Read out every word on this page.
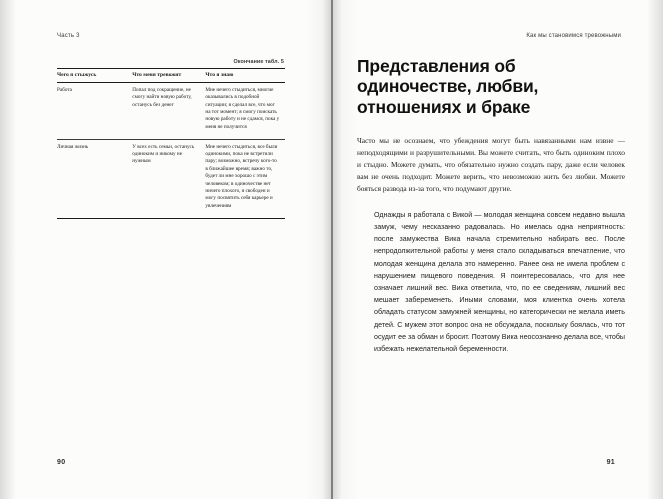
Часть 3
Окончание табл. 5
Чего я стыжусь	Что меня тревожит	Что я знаю
Работа	Попал под сокращение, не смогу найти новую работу, останусь без денег	Мне нечего стыдиться, многие оказывались в подобной ситуации; я сделал все, что мог на тот момент; я смогу поискать новую работу и не сдамся, пока у меня не получится
Личная жизнь	У всех есть семьи, останусь одиноким и никому не нужным	Мне нечего стыдиться, все были одинокими, пока не встретили пару; возможно, встречу кого-то в ближайшее время; важно то, будет ли мне хорошо с этим человеком; в одиночестве нет ничего плохого, я свободен и могу посвятить себя карьере и увлечениям
90
Как мы становимся тревожными
Представления об одиночестве, любви, отношениях и браке

Часто мы не осознаем, что убеждения могут быть навязанными нам извне — неподходящими и разрушительными. Вы можете считать, что быть одиноким плохо и стыдно. Можете думать, что обязательно нужно создать пару, даже если человек вам не очень подходит. Можете верить, что невозможно жить без любви. Можете бояться развода из-за того, что подумают другие.

Однажды я работала с Викой — молодая женщина совсем недавно вышла замуж, чему несказанно радовалась. Но имелась одна неприятность: после замужества Вика начала стремительно набирать вес. После непродолжительной работы у меня стало складываться впечатление, что молодая женщина делала это намеренно. Ранее она не имела проблем с нарушением пищевого поведения. Я поинтересовалась, что для нее означает лишний вес. Вика ответила, что, по ее сведениям, лишний вес мешает забеременеть. Иными словами, моя клиентка очень хотела обладать статусом замужней женщины, но категорически не желала иметь детей. С мужем этот вопрос она не обсуждала, поскольку боялась, что тот осудит ее за обман и бросит. Поэтому Вика неосознанно делала все, чтобы избежать нежелательной беременности.

91
